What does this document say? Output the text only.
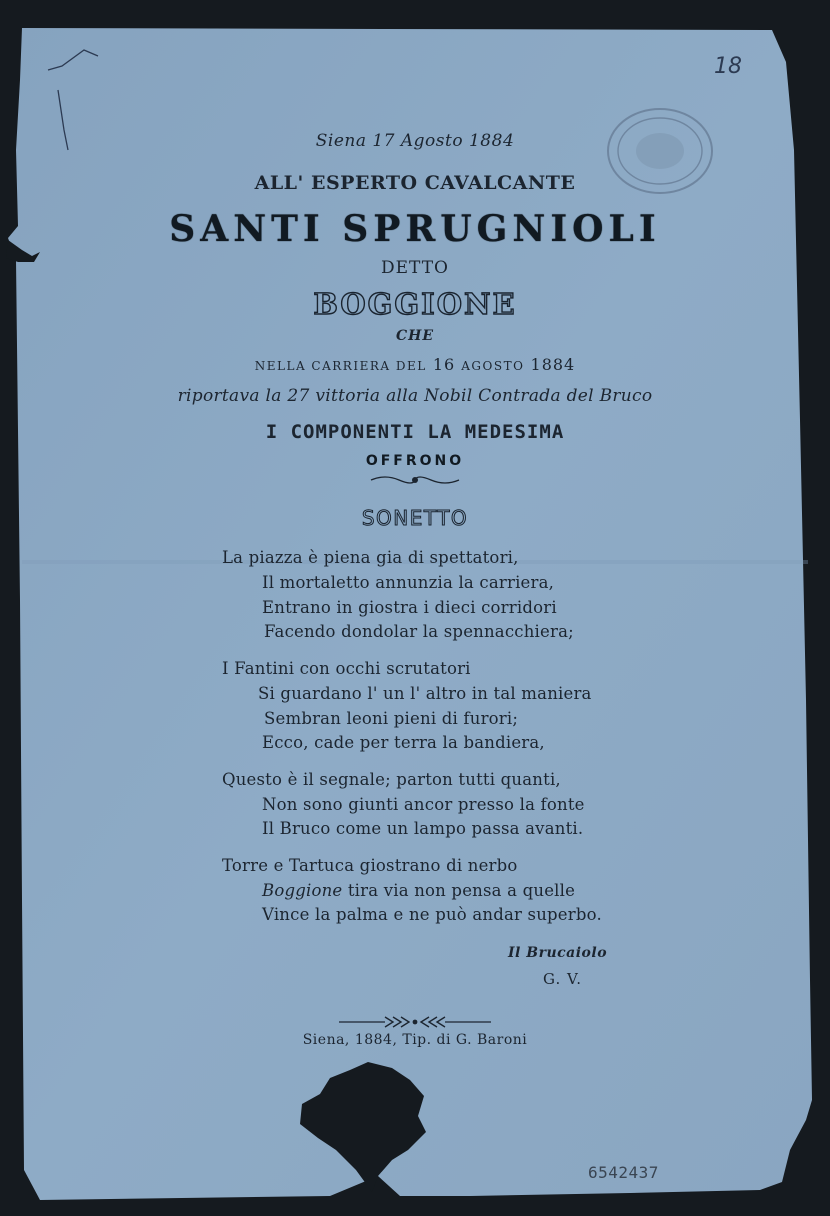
18
Siena 17 Agosto 1884
ALL' ESPERTO CAVALCANTE
SANTI SPRUGNIOLI
DETTO
BOGGIONE
CHE
NELLA CARRIERA DEL 16 AGOSTO 1884
riportava la 27 vittoria alla Nobil Contrada del Bruco
I COMPONENTI LA MEDESIMA
OFFRONO
SONETTO
La piazza è piena gia di spettatori,
Il mortaletto annunzia la carriera,
Entrano in giostra i dieci corridori
Facendo dondolar la spennacchiera;
I Fantini con occhi scrutatori
Si guardano l' un l' altro in tal maniera
Sembran leoni pieni di furori;
Ecco, cade per terra la bandiera,
Questo è il segnale; parton tutti quanti,
Non sono giunti ancor presso la fonte
Il Bruco come un lampo passa avanti.
Torre e Tartuca giostrano di nerbo
Boggione tira via non pensa a quelle
Vince la palma e ne può andar superbo.
Il Brucaiolo
G. V.
Siena, 1884, Tip. di G. Baroni
6542437
